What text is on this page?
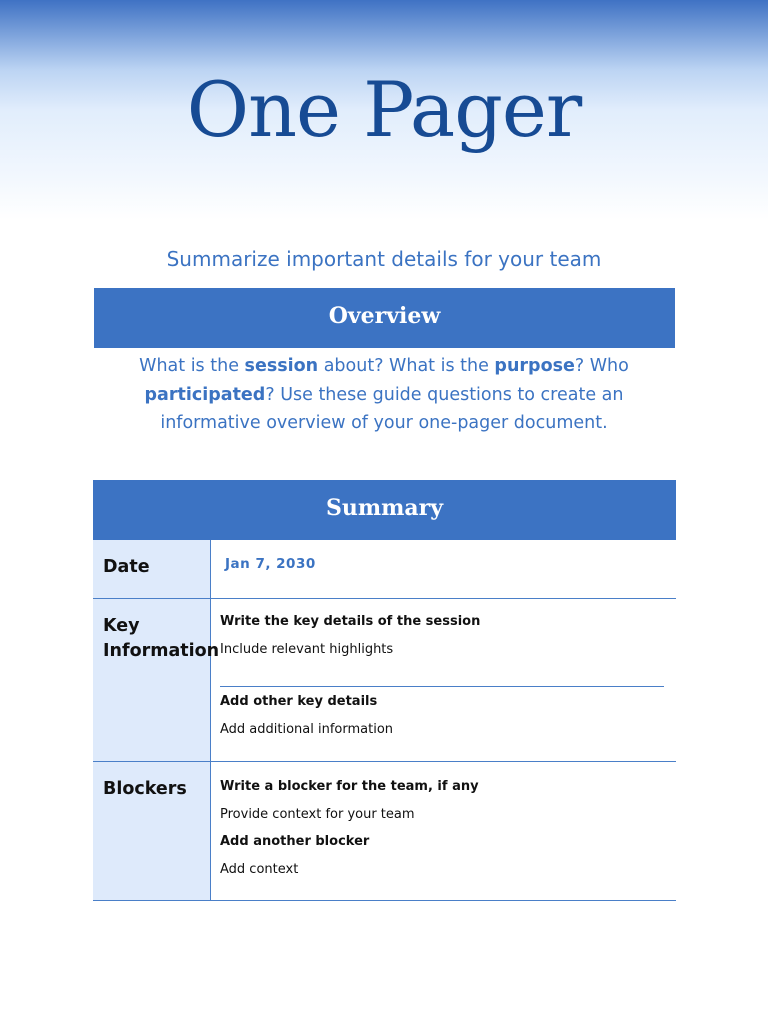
One Pager
Summarize important details for your team
Overview
What is the session about? What is the purpose? Who participated? Use these guide questions to create an informative overview of your one-pager document.
Summary
Date	Jan 7, 2030
Key Information
Write the key details of the session
Include relevant highlights
Add other key details
Add additional information
Blockers	Write a blocker for the team, if any
Provide context for your team
Add another blocker
Add context
